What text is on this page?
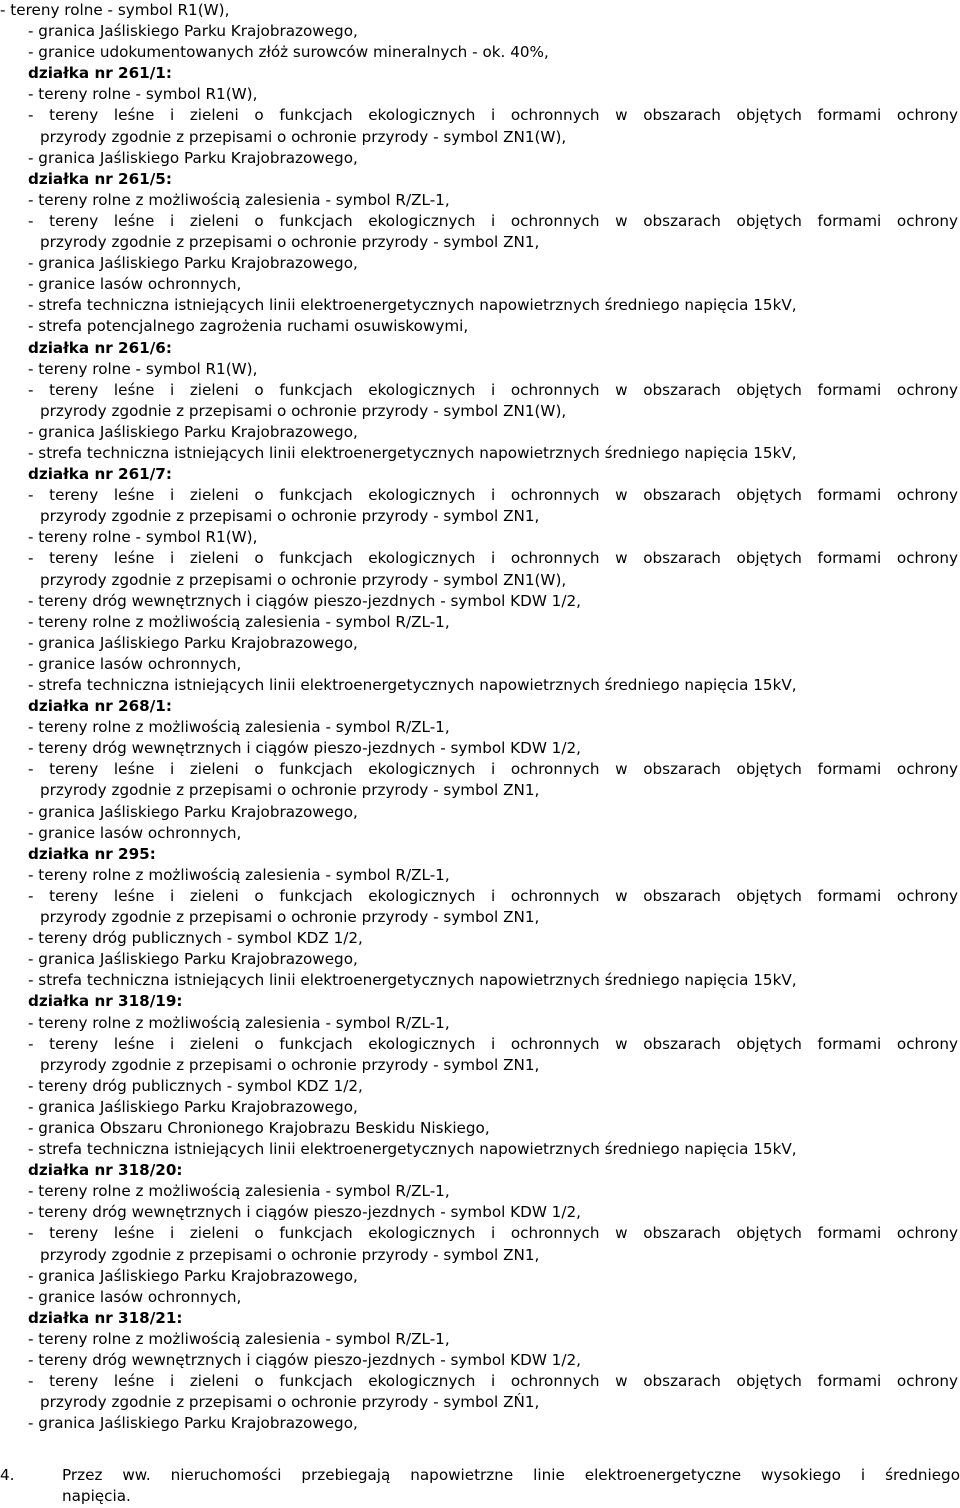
- tereny rolne - symbol R1(W),
- granica Jaśliskiego Parku Krajobrazowego,
- granice udokumentowanych złóż surowców mineralnych - ok. 40%,
działka nr 261/1:
- tereny rolne - symbol R1(W),
- tereny leśne i zieleni o funkcjach ekologicznych i ochronnych w obszarach objętych formami ochrony
przyrody zgodnie z przepisami o ochronie przyrody - symbol ZN1(W),
- granica Jaśliskiego Parku Krajobrazowego,
działka nr 261/5:
- tereny rolne z możliwością zalesienia - symbol R/ZL-1,
- tereny leśne i zieleni o funkcjach ekologicznych i ochronnych w obszarach objętych formami ochrony
przyrody zgodnie z przepisami o ochronie przyrody - symbol ZN1,
- granica Jaśliskiego Parku Krajobrazowego,
- granice lasów ochronnych,
- strefa techniczna istniejących linii elektroenergetycznych napowietrznych średniego napięcia 15kV,
- strefa potencjalnego zagrożenia ruchami osuwiskowymi,
działka nr 261/6:
- tereny rolne - symbol R1(W),
- tereny leśne i zieleni o funkcjach ekologicznych i ochronnych w obszarach objętych formami ochrony
przyrody zgodnie z przepisami o ochronie przyrody - symbol ZN1(W),
- granica Jaśliskiego Parku Krajobrazowego,
- strefa techniczna istniejących linii elektroenergetycznych napowietrznych średniego napięcia 15kV,
działka nr 261/7:
- tereny leśne i zieleni o funkcjach ekologicznych i ochronnych w obszarach objętych formami ochrony
przyrody zgodnie z przepisami o ochronie przyrody - symbol ZN1,
- tereny rolne - symbol R1(W),
- tereny leśne i zieleni o funkcjach ekologicznych i ochronnych w obszarach objętych formami ochrony
przyrody zgodnie z przepisami o ochronie przyrody - symbol ZN1(W),
- tereny dróg wewnętrznych i ciągów pieszo-jezdnych - symbol KDW 1/2,
- tereny rolne z możliwością zalesienia - symbol R/ZL-1,
- granica Jaśliskiego Parku Krajobrazowego,
- granice lasów ochronnych,
- strefa techniczna istniejących linii elektroenergetycznych napowietrznych średniego napięcia 15kV,
działka nr 268/1:
- tereny rolne z możliwością zalesienia - symbol R/ZL-1,
- tereny dróg wewnętrznych i ciągów pieszo-jezdnych - symbol KDW 1/2,
- tereny leśne i zieleni o funkcjach ekologicznych i ochronnych w obszarach objętych formami ochrony
przyrody zgodnie z przepisami o ochronie przyrody - symbol ZN1,
- granica Jaśliskiego Parku Krajobrazowego,
- granice lasów ochronnych,
działka nr 295:
- tereny rolne z możliwością zalesienia - symbol R/ZL-1,
- tereny leśne i zieleni o funkcjach ekologicznych i ochronnych w obszarach objętych formami ochrony
przyrody zgodnie z przepisami o ochronie przyrody - symbol ZN1,
- tereny dróg publicznych - symbol KDZ 1/2,
- granica Jaśliskiego Parku Krajobrazowego,
- strefa techniczna istniejących linii elektroenergetycznych napowietrznych średniego napięcia 15kV,
działka nr 318/19:
- tereny rolne z możliwością zalesienia - symbol R/ZL-1,
- tereny leśne i zieleni o funkcjach ekologicznych i ochronnych w obszarach objętych formami ochrony
przyrody zgodnie z przepisami o ochronie przyrody - symbol ZN1,
- tereny dróg publicznych - symbol KDZ 1/2,
- granica Jaśliskiego Parku Krajobrazowego,
- granica Obszaru Chronionego Krajobrazu Beskidu Niskiego,
- strefa techniczna istniejących linii elektroenergetycznych napowietrznych średniego napięcia 15kV,
działka nr 318/20:
- tereny rolne z możliwością zalesienia - symbol R/ZL-1,
- tereny dróg wewnętrznych i ciągów pieszo-jezdnych - symbol KDW 1/2,
- tereny leśne i zieleni o funkcjach ekologicznych i ochronnych w obszarach objętych formami ochrony
przyrody zgodnie z przepisami o ochronie przyrody - symbol ZN1,
- granica Jaśliskiego Parku Krajobrazowego,
- granice lasów ochronnych,
działka nr 318/21:
- tereny rolne z możliwością zalesienia - symbol R/ZL-1,
- tereny dróg wewnętrznych i ciągów pieszo-jezdnych - symbol KDW 1/2,
- tereny leśne i zieleni o funkcjach ekologicznych i ochronnych w obszarach objętych formami ochrony
przyrody zgodnie z przepisami o ochronie przyrody - symbol ZŃ1,
- granica Jaśliskiego Parku Krajobrazowego,
4.	Przez ww. nieruchomości przebiegają napowietrzne linie elektroenergetyczne wysokiego i średniego
napięcia.
